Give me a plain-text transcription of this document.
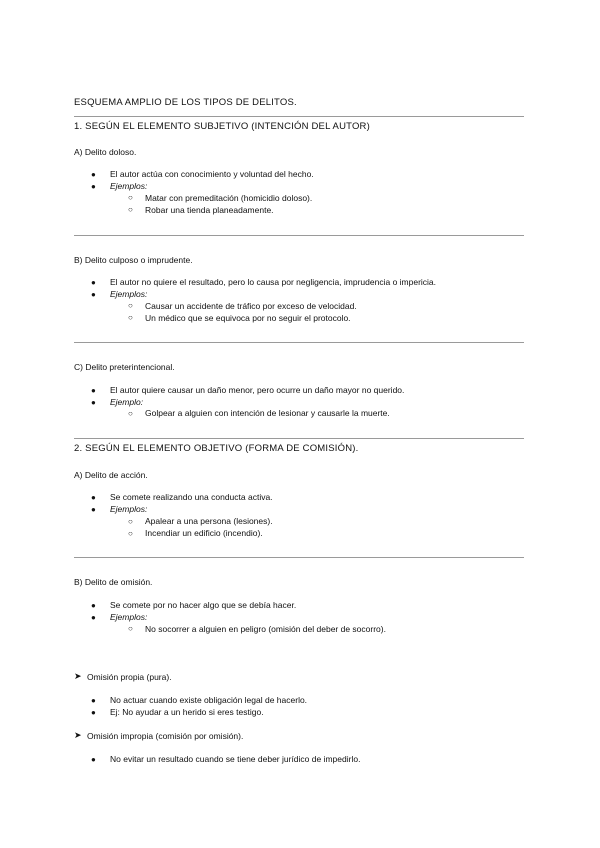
ESQUEMA AMPLIO DE LOS TIPOS DE DELITOS.
1. SEGÚN EL ELEMENTO SUBJETIVO (INTENCIÓN DEL AUTOR)
A) Delito doloso.
● El autor actúa con conocimiento y voluntad del hecho.
● Ejemplos:
○ Matar con premeditación (homicidio doloso).
○ Robar una tienda planeadamente.
B) Delito culposo o imprudente.
● El autor no quiere el resultado, pero lo causa por negligencia, imprudencia o impericia.
● Ejemplos:
○ Causar un accidente de tráfico por exceso de velocidad.
○ Un médico que se equivoca por no seguir el protocolo.
C) Delito preterintencional.
● El autor quiere causar un daño menor, pero ocurre un daño mayor no querido.
● Ejemplo:
○ Golpear a alguien con intención de lesionar y causarle la muerte.
2. SEGÚN EL ELEMENTO OBJETIVO (FORMA DE COMISIÓN).
A) Delito de acción.
● Se comete realizando una conducta activa.
● Ejemplos:
○ Apalear a una persona (lesiones).
○ Incendiar un edificio (incendio).
B) Delito de omisión.
● Se comete por no hacer algo que se debía hacer.
● Ejemplos:
○ No socorrer a alguien en peligro (omisión del deber de socorro).
➤ Omisión propia (pura).
● No actuar cuando existe obligación legal de hacerlo.
● Ej: No ayudar a un herido si eres testigo.
➤ Omisión impropia (comisión por omisión).
● No evitar un resultado cuando se tiene deber jurídico de impedirlo.
